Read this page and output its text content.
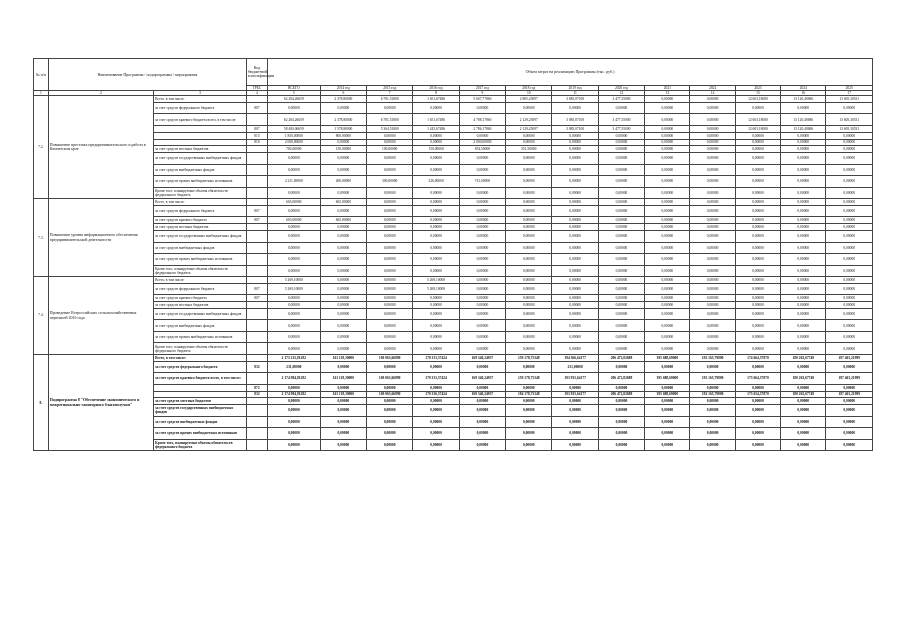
№ п/п	Наименование Программы / подпрограммы / мероприятия		Код бюджетной классификации	Объем затрат на реализацию Программы (тыс. руб.)												
			ГРБС	ВСЕГО	2014 год	2015 год	2016 год	2017 год	2018 год	2019 год	2020 год	2021	2022	2023	2024	2025
1	2	3	4	5	6	7	8	9	10	11	12	13	14	15	16	17
7.2.	Повышение престижа предпринимательского и работа в Камчатском крае	Всего, в том числе:		62 284,26659	2 378,80000	6 781,51800	1 651,67486	5 607,77860	2 885,25097	3 085,07100	3 477,55000	0,00000	0,00000	12 603,18000	13 120,40686	13 605,30531
		за счет средств федерального бюджета	807	0,00000	0,00000	0,00000	0,00000	0,00000	0,00000	0,00000	0,00000	0,00000	0,00000	0,00000	0,00000	0,00000
		за счет средств краевого бюджета всего, в том числе:		62 284,26659	2 378,80000	6 781,51800	1 651,67486	4 788,17860	2 129,25097	3 085,07100	3 477,55000	0,00000	0,00000	12 603,18000	13 120,40686	13 605,30531
			807	58 400,06659	1 578,80000	5 364,51800	1 245,67486	2 786,17860	2 129,25097	3 085,07100	3 477,55000	0,00000	0,00000	12 603,18000	13 120,40686	13 605,30531
			815	1 850,00000	800,00000	0,00000	0,00000	0,00000	0,00000	0,00000	0,00000	0,00000	0,00000	0,00000	0,00000	0,00000
			816	2 000,00000	0,00000	0,00000	0,00000	2 000,00000	0,00000	0,00000	0,00000	0,00000	0,00000	0,00000	0,00000	0,00000
		за счет средств местных бюджетов		782,00000	150,00000	100,00000	150,00000	854,50000	351,50000	0,00000	0,00000	0,00000	0,00000	0,00000	0,00000	0,00000
		за счет средств государственных внебюджетных фондов		0,00000	0,00000	0,00000	0,00000	0,00000	0,00000	0,00000	0,00000	0,00000	0,00000	0,00000	0,00000	0,00000
		за счет средств внебюджетных фондов		0,00000	0,00000	0,00000	0,00000	0,00000	0,00000	0,00000	0,00000	0,00000	0,00000	0,00000	0,00000	0,00000
		за счет средств прочих внебюджетных источников		2 211,69000	400,00000	300,00000	326,00000	741,00000	0,00000	0,00000	0,00000	0,00000	0,00000	0,00000	0,00000	0,00000
		Кроме того, планируемые объемы обязательств федерального бюджета		0,00000	0,00000	0,00000	0,00000	0,00000	0,00000	0,00000	0,00000	0,00000	0,00000	0,00000	0,00000	0,00000
7.3.	Повышение уровня информационного обеспечения предпринимательской деятельности	Всего, в том числе:		665,00000	665,00000	0,00000	0,00000	0,00000	0,00000	0,00000	0,00000	0,00000	0,00000	0,00000	0,00000	0,00000
		за счет средств федерального бюджета	807	0,00000	0,00000	0,00000	0,00000	0,00000	0,00000	0,00000	0,00000	0,00000	0,00000	0,00000	0,00000	0,00000
		за счет средств краевого бюджета	807	665,00000	665,00000	0,00000	0,00000	0,00000	0,00000	0,00000	0,00000	0,00000	0,00000	0,00000	0,00000	0,00000
		за счет средств местных бюджетов		0,00000	0,00000	0,00000	0,00000	0,00000	0,00000	0,00000	0,00000	0,00000	0,00000	0,00000	0,00000	0,00000
		за счет средств государственных внебюджетных фондов		0,00000	0,00000	0,00000	0,00000	0,00000	0,00000	0,00000	0,00000	0,00000	0,00000	0,00000	0,00000	0,00000
		за счет средств внебюджетных фондов		0,00000	0,00000	0,00000	0,00000	0,00000	0,00000	0,00000	0,00000	0,00000	0,00000	0,00000	0,00000	0,00000
		за счет средств прочих внебюджетных источников		0,00000	0,00000	0,00000	0,00000	0,00000	0,00000	0,00000	0,00000	0,00000	0,00000	0,00000	0,00000	0,00000
		Кроме того, планируемые объемы обязательств федерального бюджета		0,00000	0,00000	0,00000	0,00000	0,00000	0,00000	0,00000	0,00000	0,00000	0,00000	0,00000	0,00000	0,00000
7.4.	Проведение Всероссийских сельскохозяйственных переписей 2016 года	Всего, в том числе:		5 269,10000	0,00000	0,00000	5 269,10000	0,00000	0,00000	0,00000	0,00000	0,00000	0,00000	0,00000	0,00000	0,00000
		за счет средств федерального бюджета	807	5 269,10000	0,00000	0,00000	5 269,10000	0,00000	0,00000	0,00000	0,00000	0,00000	0,00000	0,00000	0,00000	0,00000
		за счет средств краевого бюджета	807	0,00000	0,00000	0,00000	0,00000	0,00000	0,00000	0,00000	0,00000	0,00000	0,00000	0,00000	0,00000	0,00000
		за счет средств местных бюджетов		0,00000	0,00000	0,00000	0,00000	0,00000	0,00000	0,00000	0,00000	0,00000	0,00000	0,00000	0,00000	0,00000
		за счет средств государственных внебюджетных фондов		0,00000	0,00000	0,00000	0,00000	0,00000	0,00000	0,00000	0,00000	0,00000	0,00000	0,00000	0,00000	0,00000
		за счет средств внебюджетных фондов		0,00000	0,00000	0,00000	0,00000	0,00000	0,00000	0,00000	0,00000	0,00000	0,00000	0,00000	0,00000	0,00000
		за счет средств прочих внебюджетных источников		0,00000	0,00000	0,00000	0,00000	0,00000	0,00000	0,00000	0,00000	0,00000	0,00000	0,00000	0,00000	0,00000
		Кроме того, планируемые объемы обязательств федерального бюджета		0,00000	0,00000	0,00000	0,00000	0,00000	0,00000	0,00000	0,00000	0,00000	0,00000	0,00000	0,00000	0,00000
8.	Подпрограмма 8 "Обеспечение экономического и межрегионально-санаторного благополучия"	Всего, в том числе:		2 175 215,81282	161 118,30000	169 063,66890	170 333,57424	169 340,24937	159 178,75348	194 366,64177	206 472,82688	395 688,69000	192 165,79800	174 664,37870	180 263,67749	187 463,21999
		за счет средств федерального бюджета	832	231,00000	0,00000	0,00000	0,00000	0,00000	0,00000	231,00000	0,00000	0,00000	0,00000	0,00000	0,00000	0,00000
		за счет средств краевого бюджета всего, в том числе:		2 174 984,81282	161 118,30000	169 063,66890	170 333,57424	169 340,24937	159 178,75348	193 935,64177	206 472,82688	395 688,69000	192 165,79800	173 664,37870	180 263,67749	187 463,21999
			872	0,00000	0,00000	0,00000	0,00000	0,00000	0,00000	0,00000	0,00000	0,00000	0,00000	0,00000	0,00000	0,00000
			832	2 174 984,81282	161 118,30000	169 063,66890	170 336,57424	169 340,24937	184 178,75348	193 935,64177	206 472,82688	395 688,69000	192 165,79800	173 654,37870	180 263,67749	187 463,21999
		за счет средств местных бюджетов		0,00000	0,00000	0,00000	0,00000	0,00000	0,00000	0,00000	0,00000	0,00000	0,00000	0,00000	0,00000	0,00000
		за счет средств государственных внебюджетных фондов		0,00000	0,00000	0,00000	0,00000	0,00000	0,00000	0,00000	0,00000	0,00000	0,00000	0,00000	0,00000	0,00000
		за счет средств внебюджетных фондов		0,00000	0,00000	0,00000	0,00000	0,00000	0,00000	0,00000	0,00000	0,00000	0,00000	0,00000	0,00000	0,00000
		за счет средств прочих внебюджетных источников		0,00000	0,00000	0,00000	0,00000	0,00000	0,00000	0,00000	0,00000	0,00000	0,00000	0,00000	0,00000	0,00000
		Кроме того, планируемые объемы обязательств федерального бюджета		0,00000	0,00000	0,00000	0,00000	0,00000	0,00000	0,00000	0,00000	0,00000	0,00000	0,00000	0,00000	0,00000
